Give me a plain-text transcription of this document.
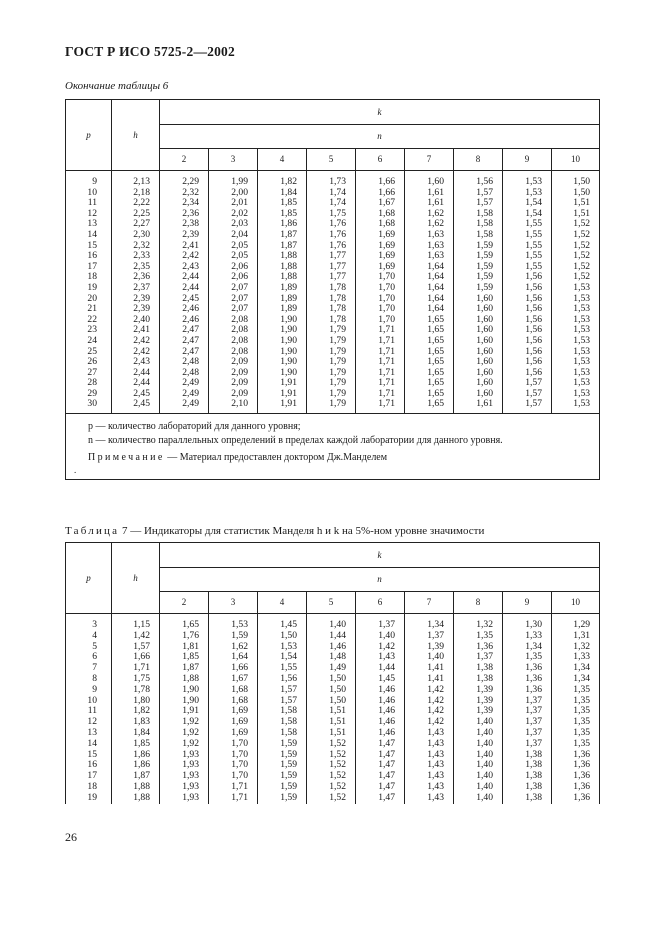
ГОСТ Р ИСО 5725-2—2002
Окончание таблицы 6
p	h	k								
		n								
		2	3	4	5	6	7	8	9	10
9	2,13	2,29	1,99	1,82	1,73	1,66	1,60	1,56	1,53	1,50
10	2,18	2,32	2,00	1,84	1,74	1,66	1,61	1,57	1,53	1,50
11	2,22	2,34	2,01	1,85	1,74	1,67	1,61	1,57	1,54	1,51
12	2,25	2,36	2,02	1,85	1,75	1,68	1,62	1,58	1,54	1,51
13	2,27	2,38	2,03	1,86	1,76	1,68	1,62	1,58	1,55	1,52
14	2,30	2,39	2,04	1,87	1,76	1,69	1,63	1,58	1,55	1,52
15	2,32	2,41	2,05	1,87	1,76	1,69	1,63	1,59	1,55	1,52
16	2,33	2,42	2,05	1,88	1,77	1,69	1,63	1,59	1,55	1,52
17	2,35	2,43	2,06	1,88	1,77	1,69	1,64	1,59	1,55	1,52
18	2,36	2,44	2,06	1,88	1,77	1,70	1,64	1,59	1,56	1,52
19	2,37	2,44	2,07	1,89	1,78	1,70	1,64	1,59	1,56	1,53
20	2,39	2,45	2,07	1,89	1,78	1,70	1,64	1,60	1,56	1,53
21	2,39	2,46	2,07	1,89	1,78	1,70	1,64	1,60	1,56	1,53
22	2,40	2,46	2,08	1,90	1,78	1,70	1,65	1,60	1,56	1,53
23	2,41	2,47	2,08	1,90	1,79	1,71	1,65	1,60	1,56	1,53
24	2,42	2,47	2,08	1,90	1,79	1,71	1,65	1,60	1,56	1,53
25	2,42	2,47	2,08	1,90	1,79	1,71	1,65	1,60	1,56	1,53
26	2,43	2,48	2,09	1,90	1,79	1,71	1,65	1,60	1,56	1,53
27	2,44	2,48	2,09	1,90	1,79	1,71	1,65	1,60	1,56	1,53
28	2,44	2,49	2,09	1,91	1,79	1,71	1,65	1,60	1,57	1,53
29	2,45	2,49	2,09	1,91	1,79	1,71	1,65	1,60	1,57	1,53
30	2,45	2,49	2,10	1,91	1,79	1,71	1,65	1,61	1,57	1,53

p — количество лабораторий для данного уровня;
n — количество параллельных определений в пределах каждой лаборатории для данного уровня.
Примечание — Материал предоставлен доктором Дж.Манделем
.										
Таблица 7 — Индикаторы для статистик Манделя h и k на 5%-ном уровне значимости
p	h	k								
		n								
		2	3	4	5	6	7	8	9	10
3	1,15	1,65	1,53	1,45	1,40	1,37	1,34	1,32	1,30	1,29
4	1,42	1,76	1,59	1,50	1,44	1,40	1,37	1,35	1,33	1,31
5	1,57	1,81	1,62	1,53	1,46	1,42	1,39	1,36	1,34	1,32
6	1,66	1,85	1,64	1,54	1,48	1,43	1,40	1,37	1,35	1,33
7	1,71	1,87	1,66	1,55	1,49	1,44	1,41	1,38	1,36	1,34
8	1,75	1,88	1,67	1,56	1,50	1,45	1,41	1,38	1,36	1,34
9	1,78	1,90	1,68	1,57	1,50	1,46	1,42	1,39	1,36	1,35
10	1,80	1,90	1,68	1,57	1,50	1,46	1,42	1,39	1,37	1,35
11	1,82	1,91	1,69	1,58	1,51	1,46	1,42	1,39	1,37	1,35
12	1,83	1,92	1,69	1,58	1,51	1,46	1,42	1,40	1,37	1,35
13	1,84	1,92	1,69	1,58	1,51	1,46	1,43	1,40	1,37	1,35
14	1,85	1,92	1,70	1,59	1,52	1,47	1,43	1,40	1,37	1,35
15	1,86	1,93	1,70	1,59	1,52	1,47	1,43	1,40	1,38	1,36
16	1,86	1,93	1,70	1,59	1,52	1,47	1,43	1,40	1,38	1,36
17	1,87	1,93	1,70	1,59	1,52	1,47	1,43	1,40	1,38	1,36
18	1,88	1,93	1,71	1,59	1,52	1,47	1,43	1,40	1,38	1,36
19	1,88	1,93	1,71	1,59	1,52	1,47	1,43	1,40	1,38	1,36
26
